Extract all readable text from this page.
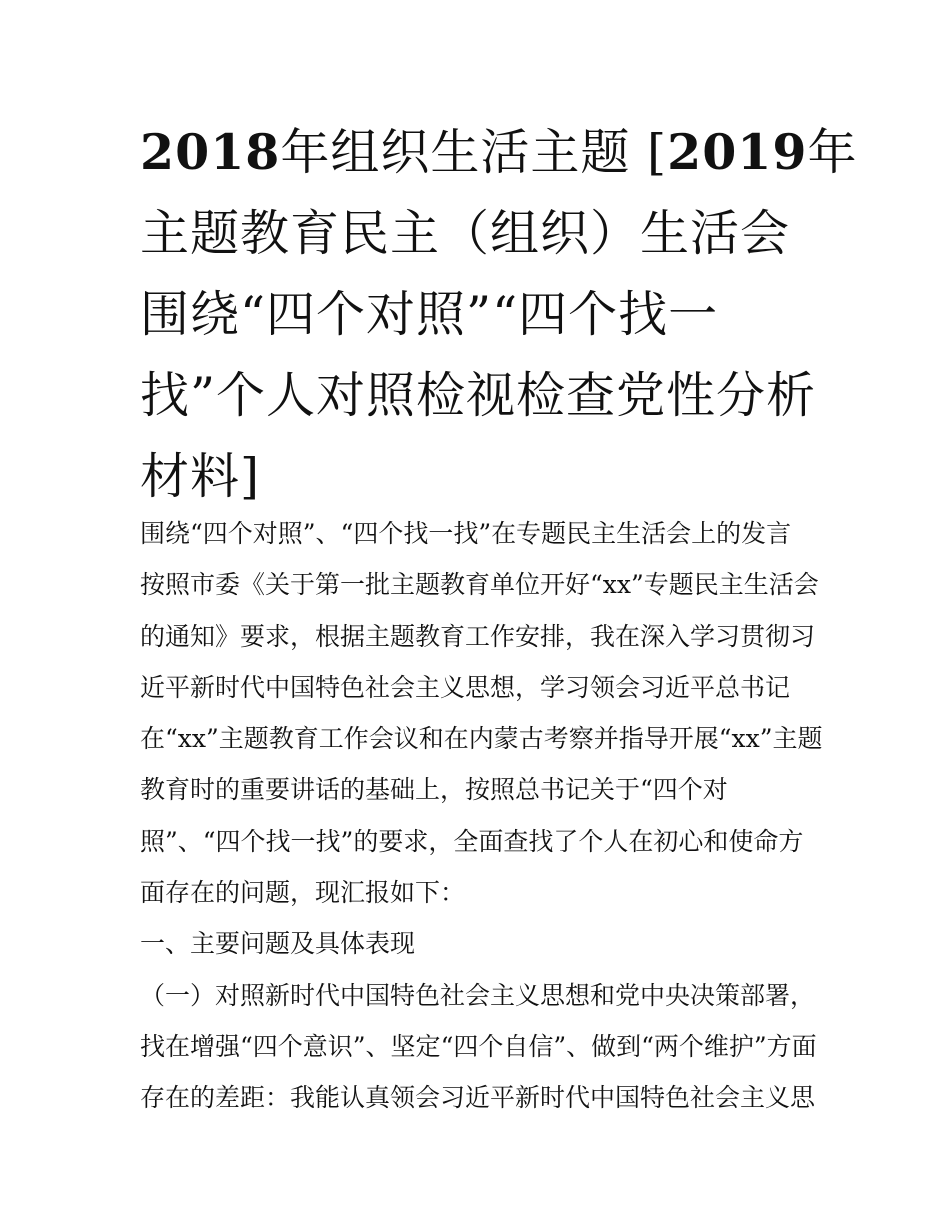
2018年组织生活主题 [2019年
主题教育民主（组织）生活会
围绕“四个对照”“四个找一
找”个人对照检视检查党性分析
材料]
围绕“四个对照”、“四个找一找”在专题民主生活会上的发言
按照市委《关于第一批主题教育单位开好“xx”专题民主生活会
的通知》要求，根据主题教育工作安排，我在深入学习贯彻习
近平新时代中国特色社会主义思想，学习领会习近平总书记
在“xx”主题教育工作会议和在内蒙古考察并指导开展“xx”主题
教育时的重要讲话的基础上，按照总书记关于“四个对
照”、“四个找一找”的要求，全面查找了个人在初心和使命方
面存在的问题，现汇报如下：
一、主要问题及具体表现
（一）对照新时代中国特色社会主义思想和党中央决策部署，
找在增强“四个意识”、坚定“四个自信”、做到“两个维护”方面
存在的差距：我能认真领会习近平新时代中国特色社会主义思
